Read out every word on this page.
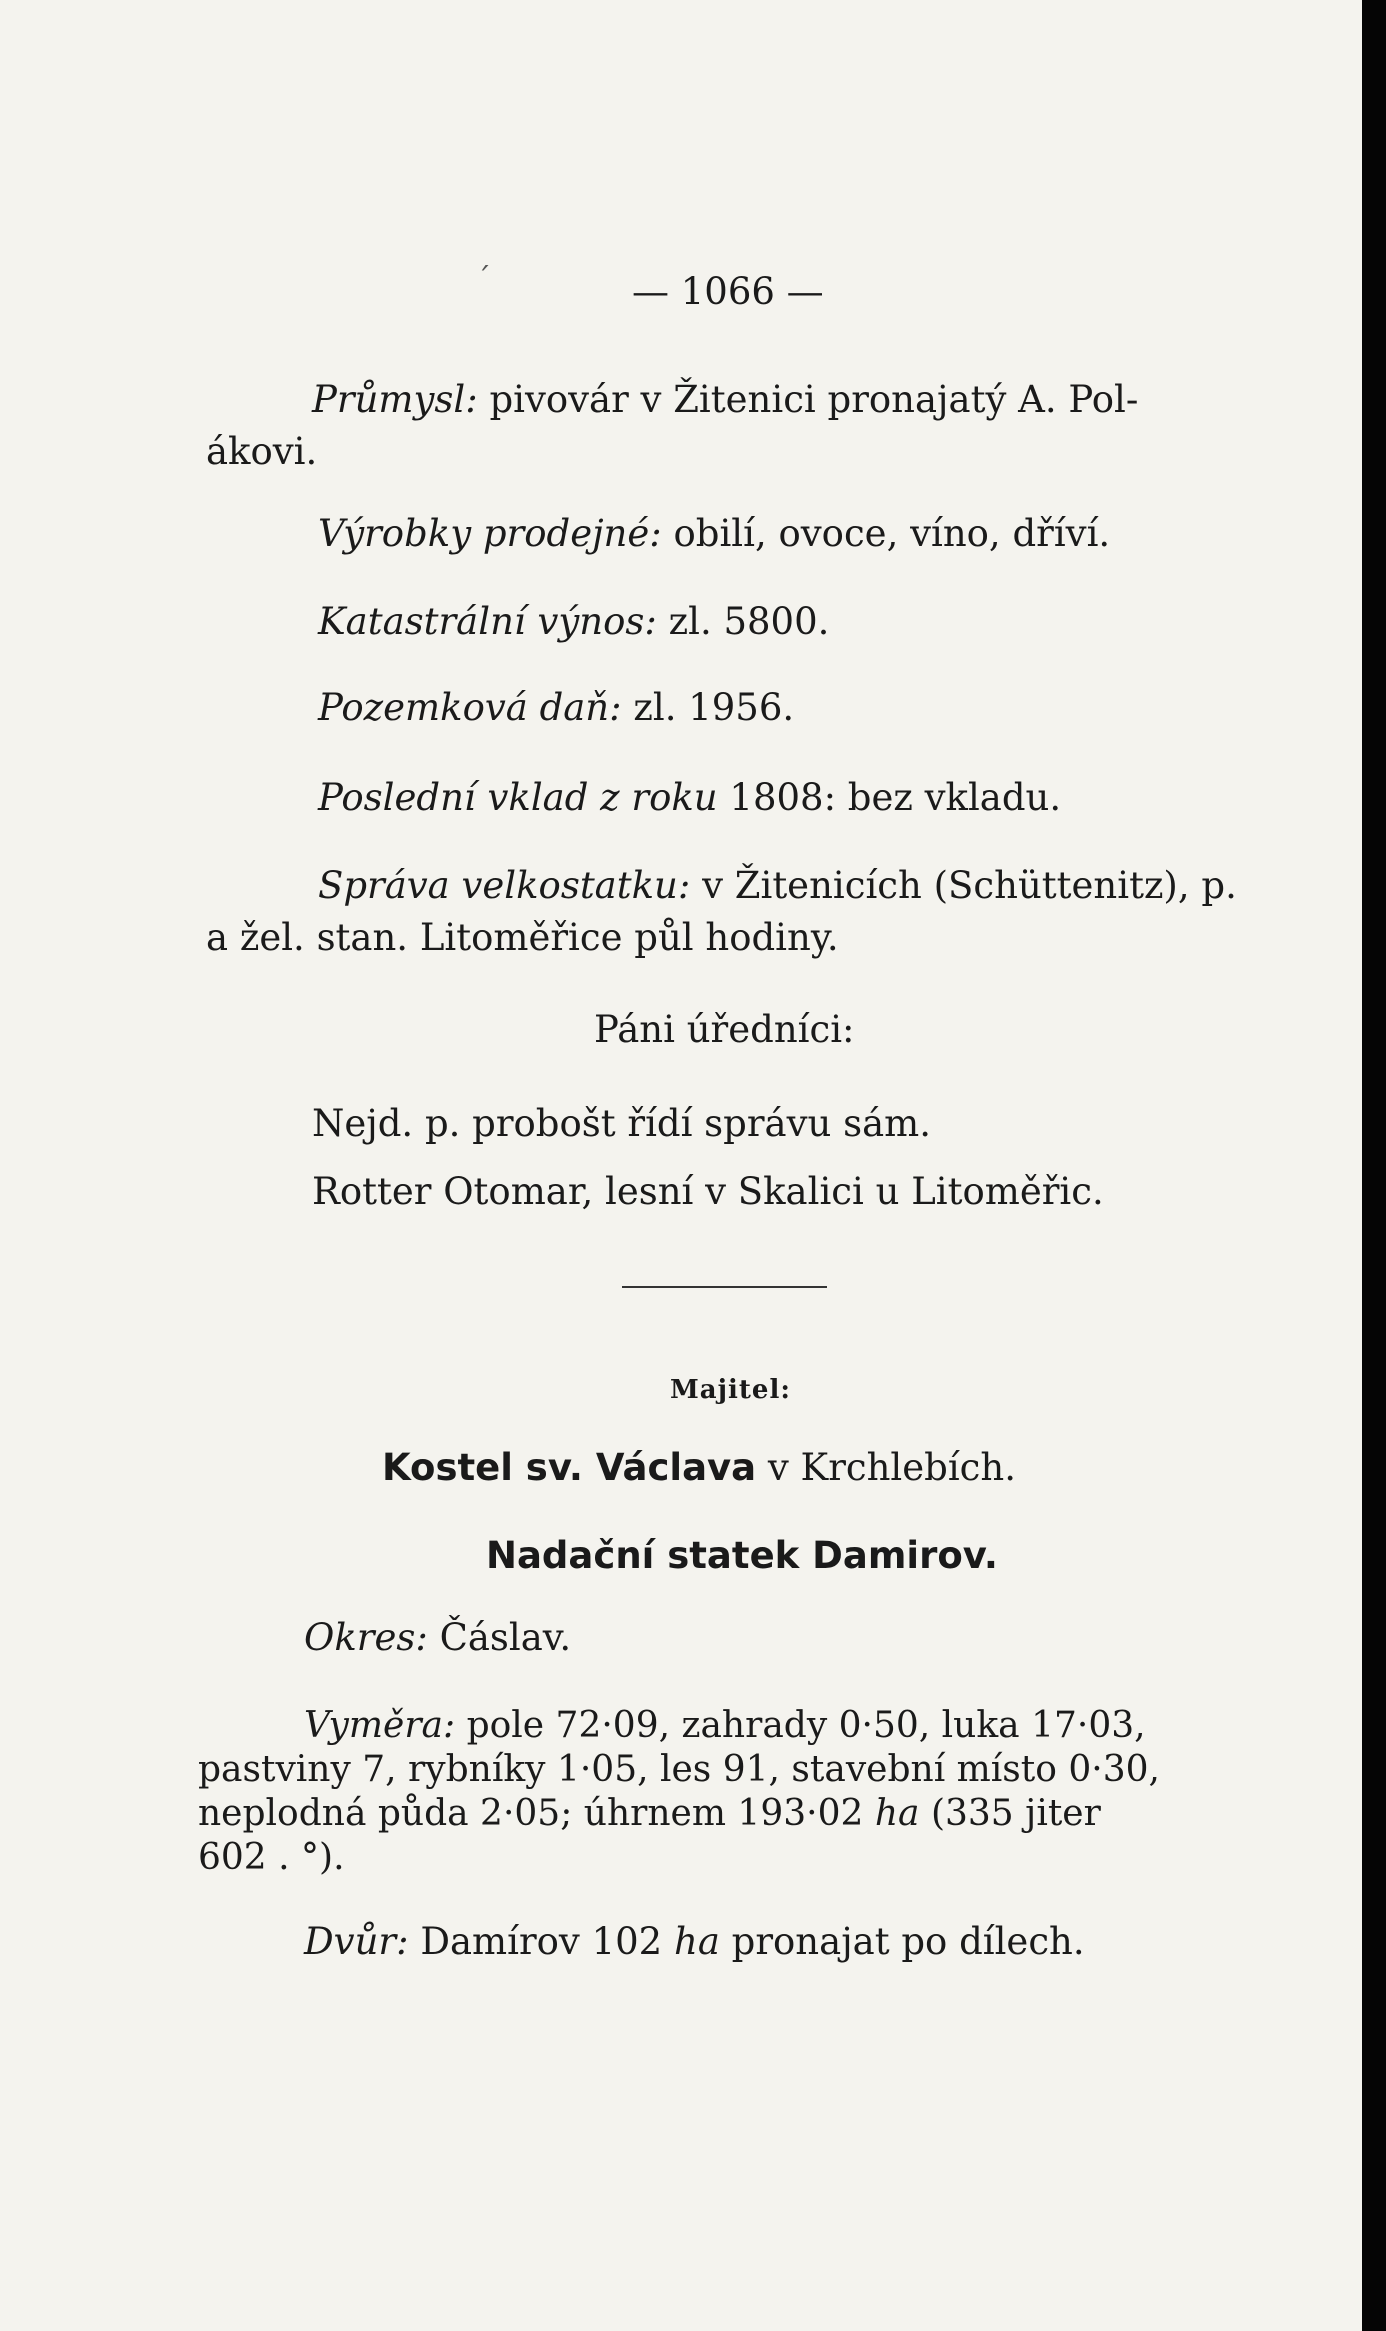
ˊ	— 1066 —
Průmysl: pivovár v Žitenici pronajatý A. Pol-
ákovi.
Výrobky prodejné: obilí, ovoce, víno, dříví.
Katastrální výnos: zl. 5800.
Pozemková daň: zl. 1956.
Poslední vklad z roku 1808: bez vkladu.
Správa velkostatku: v Žitenicích (Schüttenitz), p.
a žel. stan. Litoměřice půl hodiny.
Páni úředníci:
Nejd. p. probošt řídí správu sám.
Rotter Otomar, lesní v Skalici u Litoměřic.
Majitel:
Kostel sv. Václava v Krchlebích.
Nadační statek Damirov.
Okres: Čáslav.
Vyměra: pole 72·09, zahrady 0·50, luka 17·03,
pastviny 7, rybníky 1·05, les 91, stavební místo 0·30,
neplodná půda 2·05; úhrnem 193·02 ha (335 jiter
602 . °).
Dvůr: Damírov 102 ha pronajat po dílech.
